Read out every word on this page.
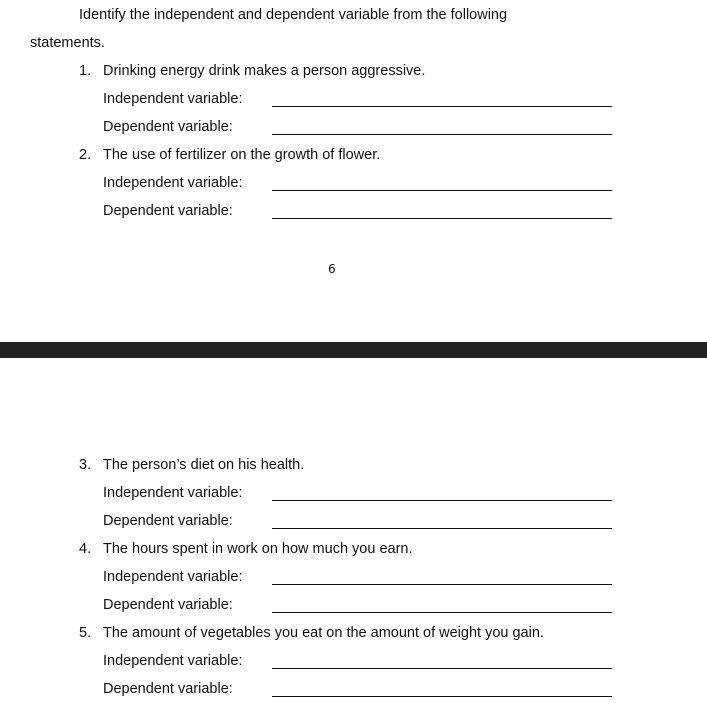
Identify the independent and dependent variable from the following
statements.
1. Drinking energy drink makes a person aggressive.
Independent variable:
Dependent variable:
2. The use of fertilizer on the growth of flower.
Independent variable:
Dependent variable:
6
3. The person’s diet on his health.
Independent variable:
Dependent variable:
4. The hours spent in work on how much you earn.
Independent variable:
Dependent variable:
5. The amount of vegetables you eat on the amount of weight you gain.
Independent variable:
Dependent variable:
